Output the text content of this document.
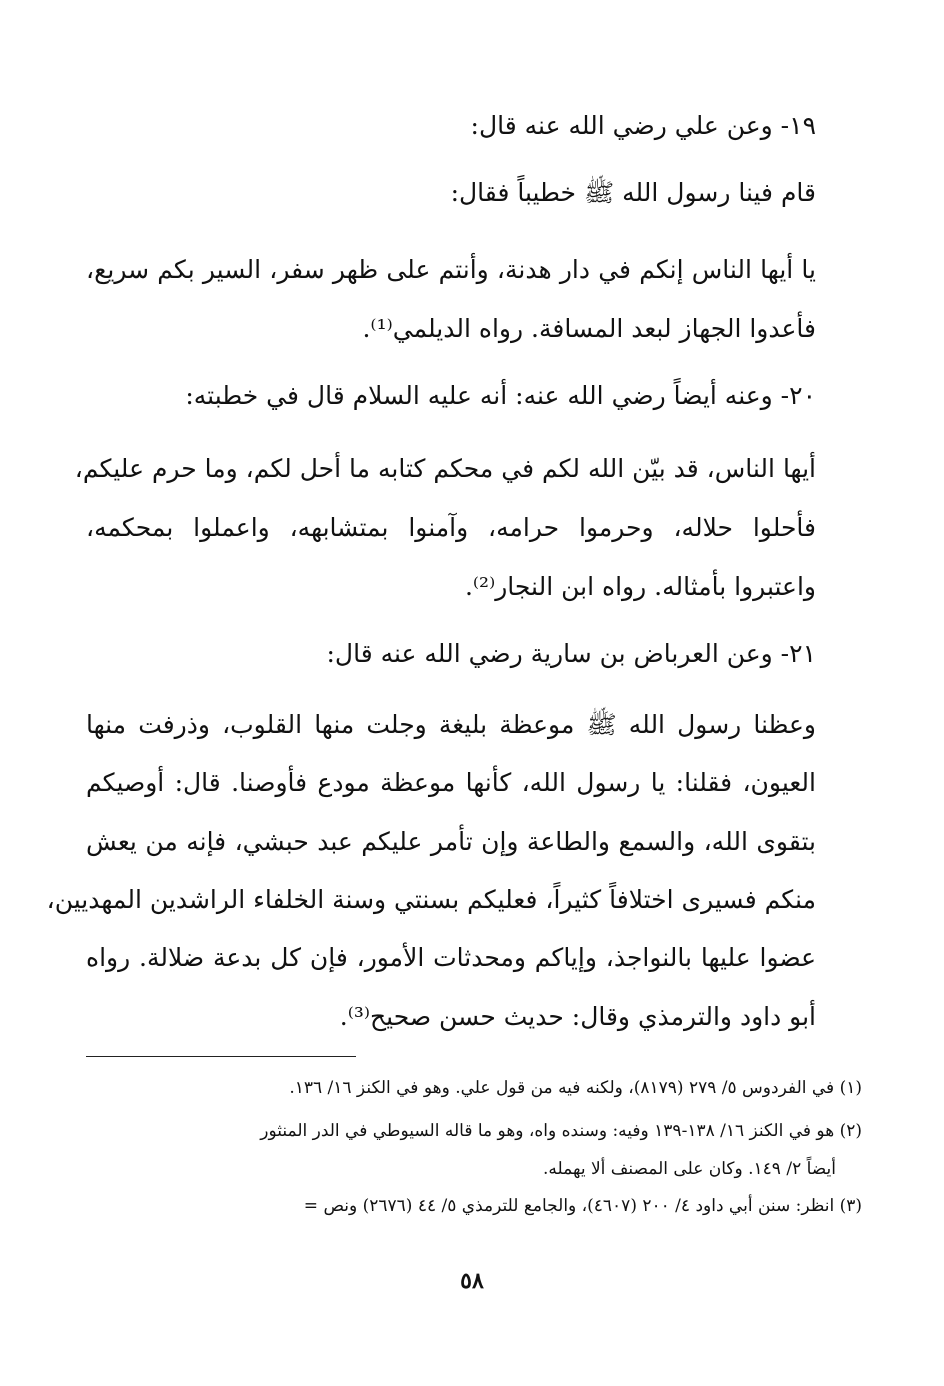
١٩- وعن علي رضي الله عنه قال:
قام فينا رسول الله ﷺ خطيباً فقال:
يا أيها الناس إنكم في دار هدنة، وأنتم على ظهر سفر، السير بكم سريع،
فأعدوا الجهاز لبعد المسافة. رواه الديلمي⁽¹⁾.
٢٠- وعنه أيضاً رضي الله عنه: أنه عليه السلام قال في خطبته:
أيها الناس، قد بيّن الله لكم في محكم كتابه ما أحل لكم، وما حرم عليكم،
فأحلوا حلاله، وحرموا حرامه، وآمنوا بمتشابهه، واعملوا بمحكمه،
واعتبروا بأمثاله. رواه ابن النجار⁽²⁾.
٢١- وعن العرباض بن سارية رضي الله عنه قال:
وعظنا رسول الله ﷺ موعظة بليغة وجلت منها القلوب، وذرفت منها
العيون، فقلنا: يا رسول الله، كأنها موعظة مودع فأوصنا. قال: أوصيكم
بتقوى الله، والسمع والطاعة وإن تأمر عليكم عبد حبشي، فإنه من يعش
منكم فسيرى اختلافاً كثيراً، فعليكم بسنتي وسنة الخلفاء الراشدين المهديين،
عضوا عليها بالنواجذ، وإياكم ومحدثات الأمور، فإن كل بدعة ضلالة. رواه
أبو داود والترمذي وقال: حديث حسن صحيح⁽³⁾.
(١) في الفردوس ٥/ ٢٧٩ (٨١٧٩)، ولكنه فيه من قول علي. وهو في الكنز ١٦/ ١٣٦.
(٢) هو في الكنز ١٦/ ١٣٨-١٣٩ وفيه: وسنده واه، وهو ما قاله السيوطي في الدر المنثور
أيضاً ٢/ ١٤٩. وكان على المصنف ألا يهمله.
(٣) انظر: سنن أبي داود ٤/ ٢٠٠ (٤٦٠٧)، والجامع للترمذي ٥/ ٤٤ (٢٦٧٦) ونص =
٥٨
